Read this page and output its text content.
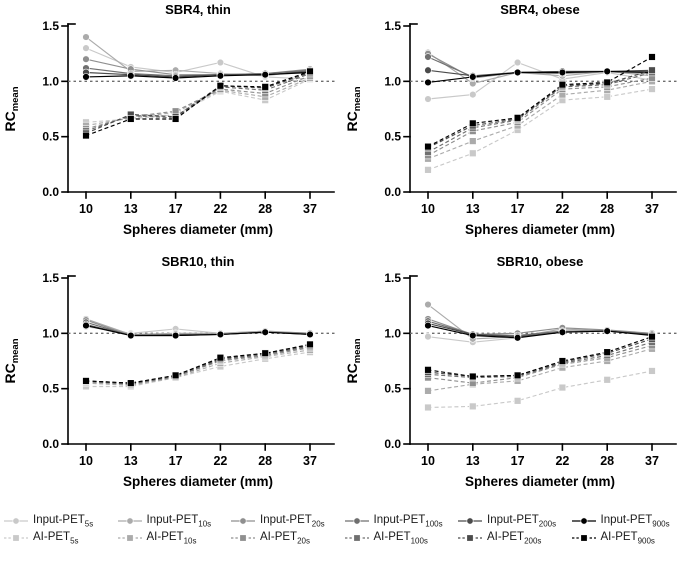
SBR4, thin
RCmean
0.0
0.5
1.0
1.5
10 13 17 22 28 37
Spheres diameter (mm)
SBR4, obese
RCmean
0.0
0.5
1.0
1.5
10 13 17 22 28 37
Spheres diameter (mm)
SBR10, thin
RCmean
0.0
0.5
1.0
1.5
10 13 17 22 28 37
Spheres diameter (mm)
SBR10, obese
RCmean
0.0
0.5
1.0
1.5
10 13 17 22 28 37
Spheres diameter (mm)
Input-$PET_{5s}$	Input-$PET_{10s}$	Input-$PET_{20s}$	Input-$PET_{100s}$	Input-$PET_{200s}$	Input-$PET_{900s}$
$AI-PET_{5s}$	$AI-PET_{10s}$	$AI-PET_{20s}$	$AI-PET_{100s}$	$AI-PET_{200s}$	$AI-PET_{900s}$
